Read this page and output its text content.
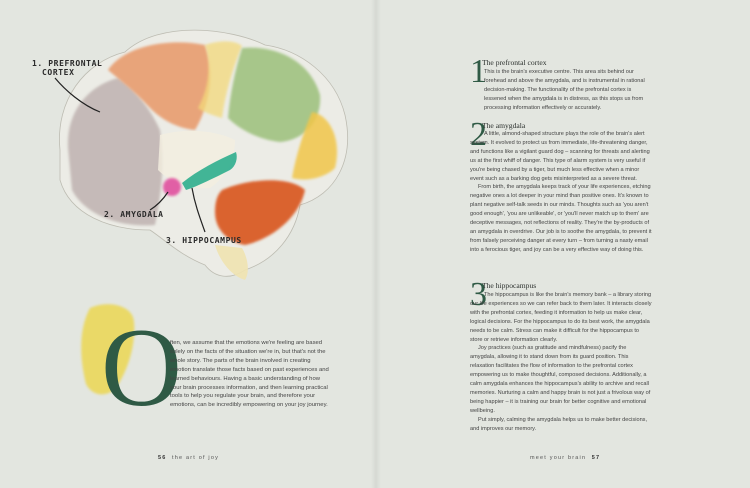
1. PREFRONTAL
CORTEX
2. AMYGDALA
3. HIPPOCAMPUS
O

ften, we assume that the emotions we're feeling are based solely on the facts of the situation we're in, but that's not the whole story. The parts of the brain involved in creating emotion translate those facts based on past experiences and learned behaviours. Having a basic understanding of how your brain processes information, and then learning practical tools to help you regulate your brain, and therefore your emotions, can be incredibly empowering on your joy journey.

56 the art of joy
1
The prefrontal cortex

This is the brain's executive centre. This area sits behind our forehead and above the amygdala, and is instrumental in rational decision-making. The functionality of the prefrontal cortex is lessened when the amygdala is in distress, as this stops us from processing information effectively or accurately.

2
The amygdala

A little, almond-shaped structure plays the role of the brain's alert system. It evolved to protect us from immediate, life-threatening danger, and functions like a vigilant guard dog – scanning for threats and alerting us at the first whiff of danger. This type of alarm system is very useful if you're being chased by a tiger, but much less effective when a minor event such as a barking dog gets misinterpreted as a severe threat.

From birth, the amygdala keeps track of your life experiences, etching negative ones a lot deeper in your mind than positive ones. It's known to plant negative self-talk seeds in our minds. Thoughts such as 'you aren't good enough', 'you are unlikeable', or 'you'll never match up to them' are deceptive messages, not reflections of reality. They're the by-products of an amygdala in overdrive. Our job is to soothe the amygdala, to prevent it from falsely perceiving danger at every turn – from turning a nasty email into a ferocious tiger, and joy can be a very effective way of doing this.

3
The hippocampus

The hippocampus is like the brain's memory bank – a library storing our life experiences so we can refer back to them later. It interacts closely with the prefrontal cortex, feeding it information to help us make clear, logical decisions. For the hippocampus to do its best work, the amygdala needs to be calm. Stress can make it difficult for the hippocampus to store or retrieve information clearly.

Joy practices (such as gratitude and mindfulness) pacify the amygdala, allowing it to stand down from its guard position. This relaxation facilitates the flow of information to the prefrontal cortex empowering us to make thoughtful, composed decisions. Additionally, a calm amygdala enhances the hippocampus's ability to archive and recall memories. Nurturing a calm and happy brain is not just a frivolous way of being happier – it is training our brain for better cognitive and emotional wellbeing.

Put simply, calming the amygdala helps us to make better decisions, and improves our memory.

meet your brain 57
